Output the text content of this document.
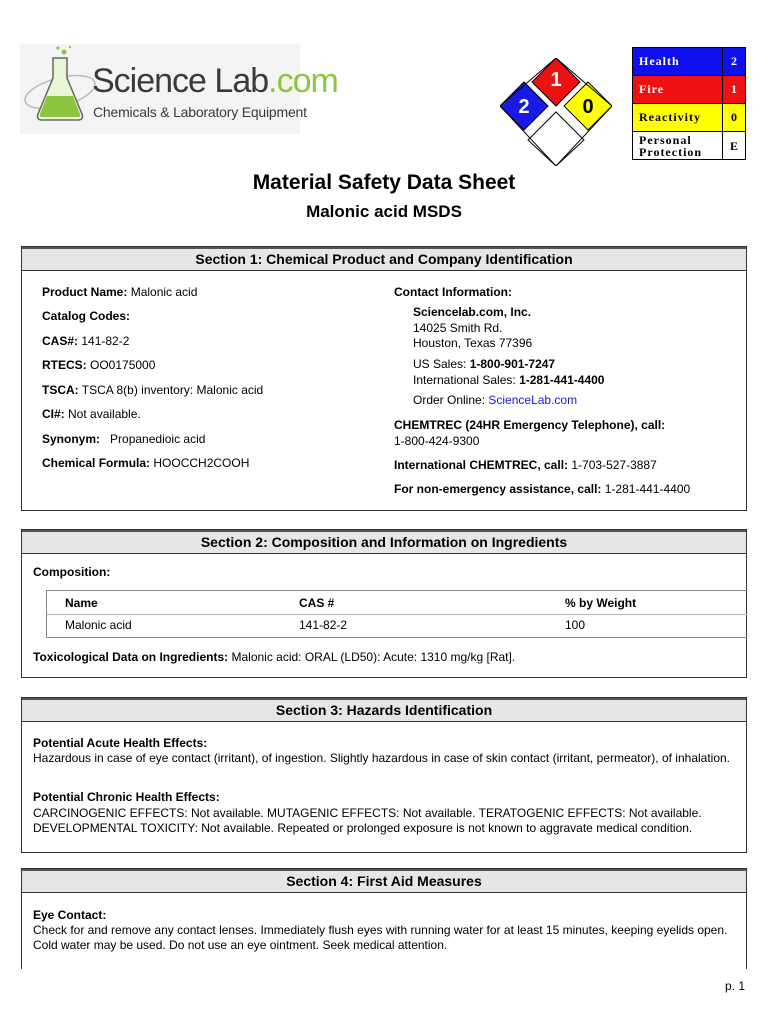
Science Lab.com
Chemicals & Laboratory Equipment
1
2	0
Health	2
Fire	1
Reactivity	0
Personal
Protection	E
Material Safety Data Sheet
Malonic acid MSDS
Section 1: Chemical Product and Company Identification
Product Name: Malonic acid
Catalog Codes:
CAS#: 141-82-2
RTECS: OO0175000
TSCA: TSCA 8(b) inventory: Malonic acid
CI#: Not available.
Synonym: Propanedioic acid
Chemical Formula: HOOCCH2COOH
Contact Information:
Sciencelab.com, Inc.
14025 Smith Rd.
Houston, Texas 77396
US Sales: 1-800-901-7247
International Sales: 1-281-441-4400
Order Online: ScienceLab.com
CHEMTREC (24HR Emergency Telephone), call:
1-800-424-9300
International CHEMTREC, call: 1-703-527-3887
For non-emergency assistance, call: 1-281-441-4400
Section 2: Composition and Information on Ingredients
Composition:
Name	CAS #	% by Weight
Malonic acid	141-82-2	100
Toxicological Data on Ingredients: Malonic acid: ORAL (LD50): Acute: 1310 mg/kg [Rat].
Section 3: Hazards Identification
Potential Acute Health Effects:
Hazardous in case of eye contact (irritant), of ingestion. Slightly hazardous in case of skin contact (irritant, permeator), of inhalation.
Potential Chronic Health Effects:
CARCINOGENIC EFFECTS: Not available. MUTAGENIC EFFECTS: Not available. TERATOGENIC EFFECTS: Not available.
DEVELOPMENTAL TOXICITY: Not available. Repeated or prolonged exposure is not known to aggravate medical condition.
Section 4: First Aid Measures
Eye Contact:
Check for and remove any contact lenses. Immediately flush eyes with running water for at least 15 minutes, keeping eyelids open. Cold water may be used. Do not use an eye ointment. Seek medical attention.
p. 1
